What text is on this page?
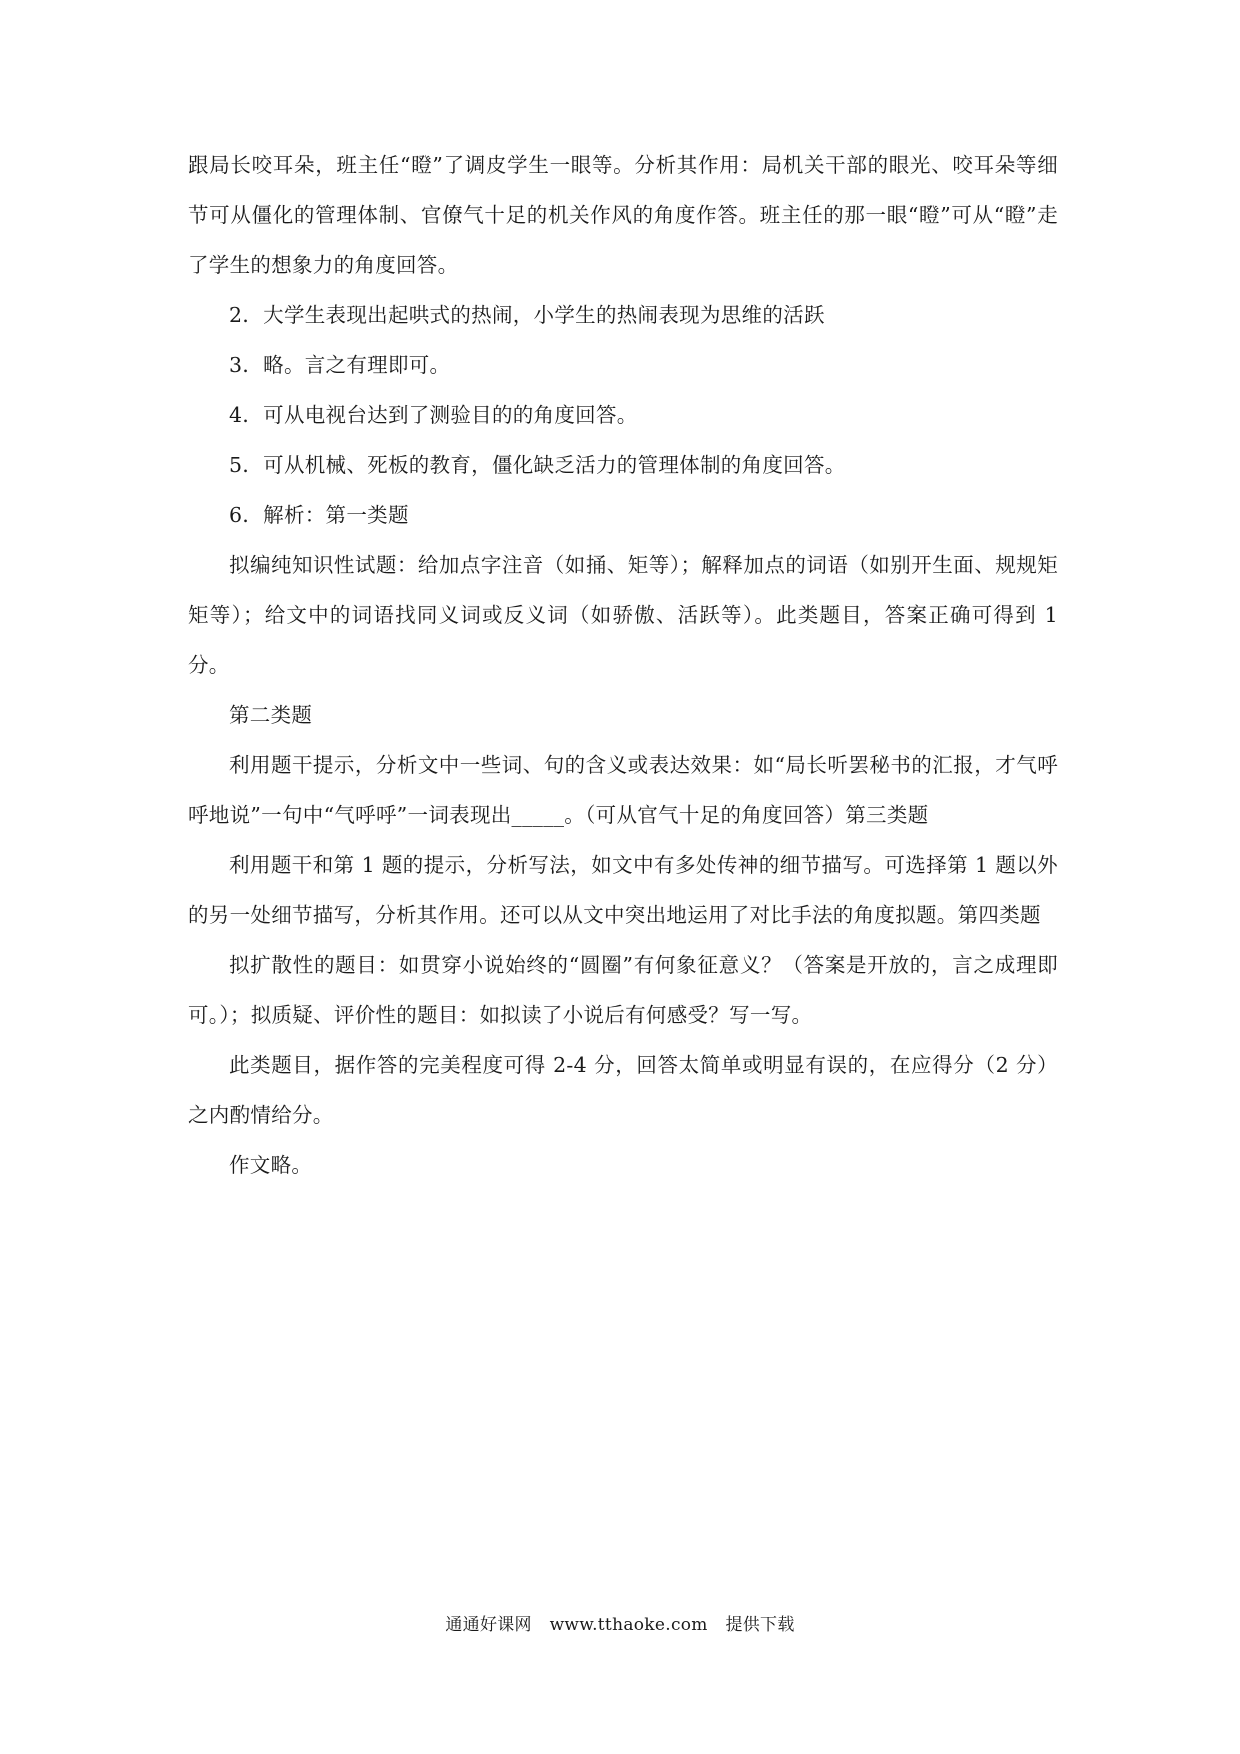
跟局长咬耳朵，班主任“瞪”了调皮学生一眼等。分析其作用：局机关干部的眼光、咬耳朵等细节可从僵化的管理体制、官僚气十足的机关作风的角度作答。班主任的那一眼“瞪”可从“瞪”走了学生的想象力的角度回答。

2．大学生表现出起哄式的热闹，小学生的热闹表现为思维的活跃

3．略。言之有理即可。

4．可从电视台达到了测验目的的角度回答。

5．可从机械、死板的教育，僵化缺乏活力的管理体制的角度回答。

6．解析：第一类题

拟编纯知识性试题：给加点字注音（如捅、矩等）；解释加点的词语（如别开生面、规规矩矩等）；给文中的词语找同义词或反义词（如骄傲、活跃等）。此类题目，答案正确可得到 1 分。

第二类题

利用题干提示，分析文中一些词、句的含义或表达效果：如“局长听罢秘书的汇报，才气呼呼地说”一句中“气呼呼”一词表现出_____。（可从官气十足的角度回答）第三类题

利用题干和第 1 题的提示，分析写法，如文中有多处传神的细节描写。可选择第 1 题以外的另一处细节描写，分析其作用。还可以从文中突出地运用了对比手法的角度拟题。第四类题

拟扩散性的题目：如贯穿小说始终的“圆圈”有何象征意义？（答案是开放的，言之成理即可。）；拟质疑、评价性的题目：如拟读了小说后有何感受？写一写。

此类题目，据作答的完美程度可得 2-4 分，回答太简单或明显有误的，在应得分（2 分）之内酌情给分。

作文略。

通通好课网 www.tthaoke.com 提供下载
